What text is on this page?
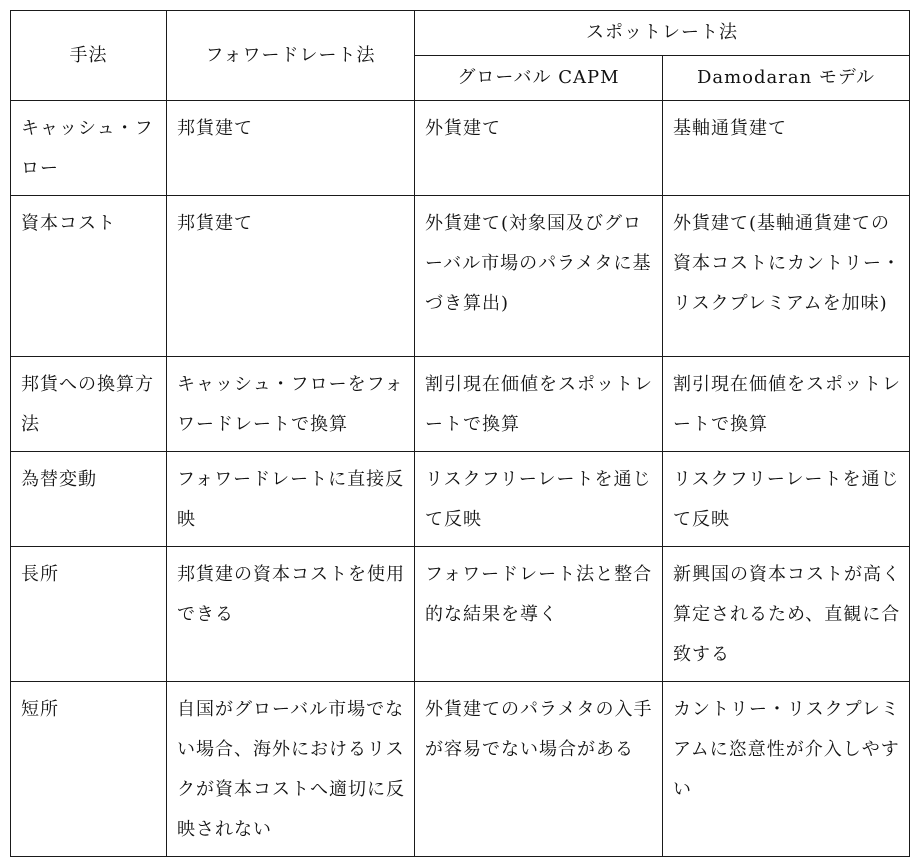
手法	フォワードレート法	スポットレート法	
		グローバル CAPM	Damodaran モデル
キャッシュ・フロー	邦貨建て	外貨建て	基軸通貨建て
資本コスト	邦貨建て	外貨建て(対象国及びグローバル市場のパラメタに基づき算出)	外貨建て(基軸通貨建ての資本コストにカントリー・リスクプレミアムを加味)
邦貨への換算方法	キャッシュ・フローをフォワードレートで換算	割引現在価値をスポットレートで換算	割引現在価値をスポットレートで換算
為替変動	フォワードレートに直接反映	リスクフリーレートを通じて反映	リスクフリーレートを通じて反映
長所	邦貨建の資本コストを使用できる	フォワードレート法と整合的な結果を導く	新興国の資本コストが高く算定されるため、直観に合致する
短所	自国がグローバル市場でない場合、海外におけるリスクが資本コストへ適切に反映されない	外貨建てのパラメタの入手が容易でない場合がある	カントリー・リスクプレミアムに恣意性が介入しやすい
